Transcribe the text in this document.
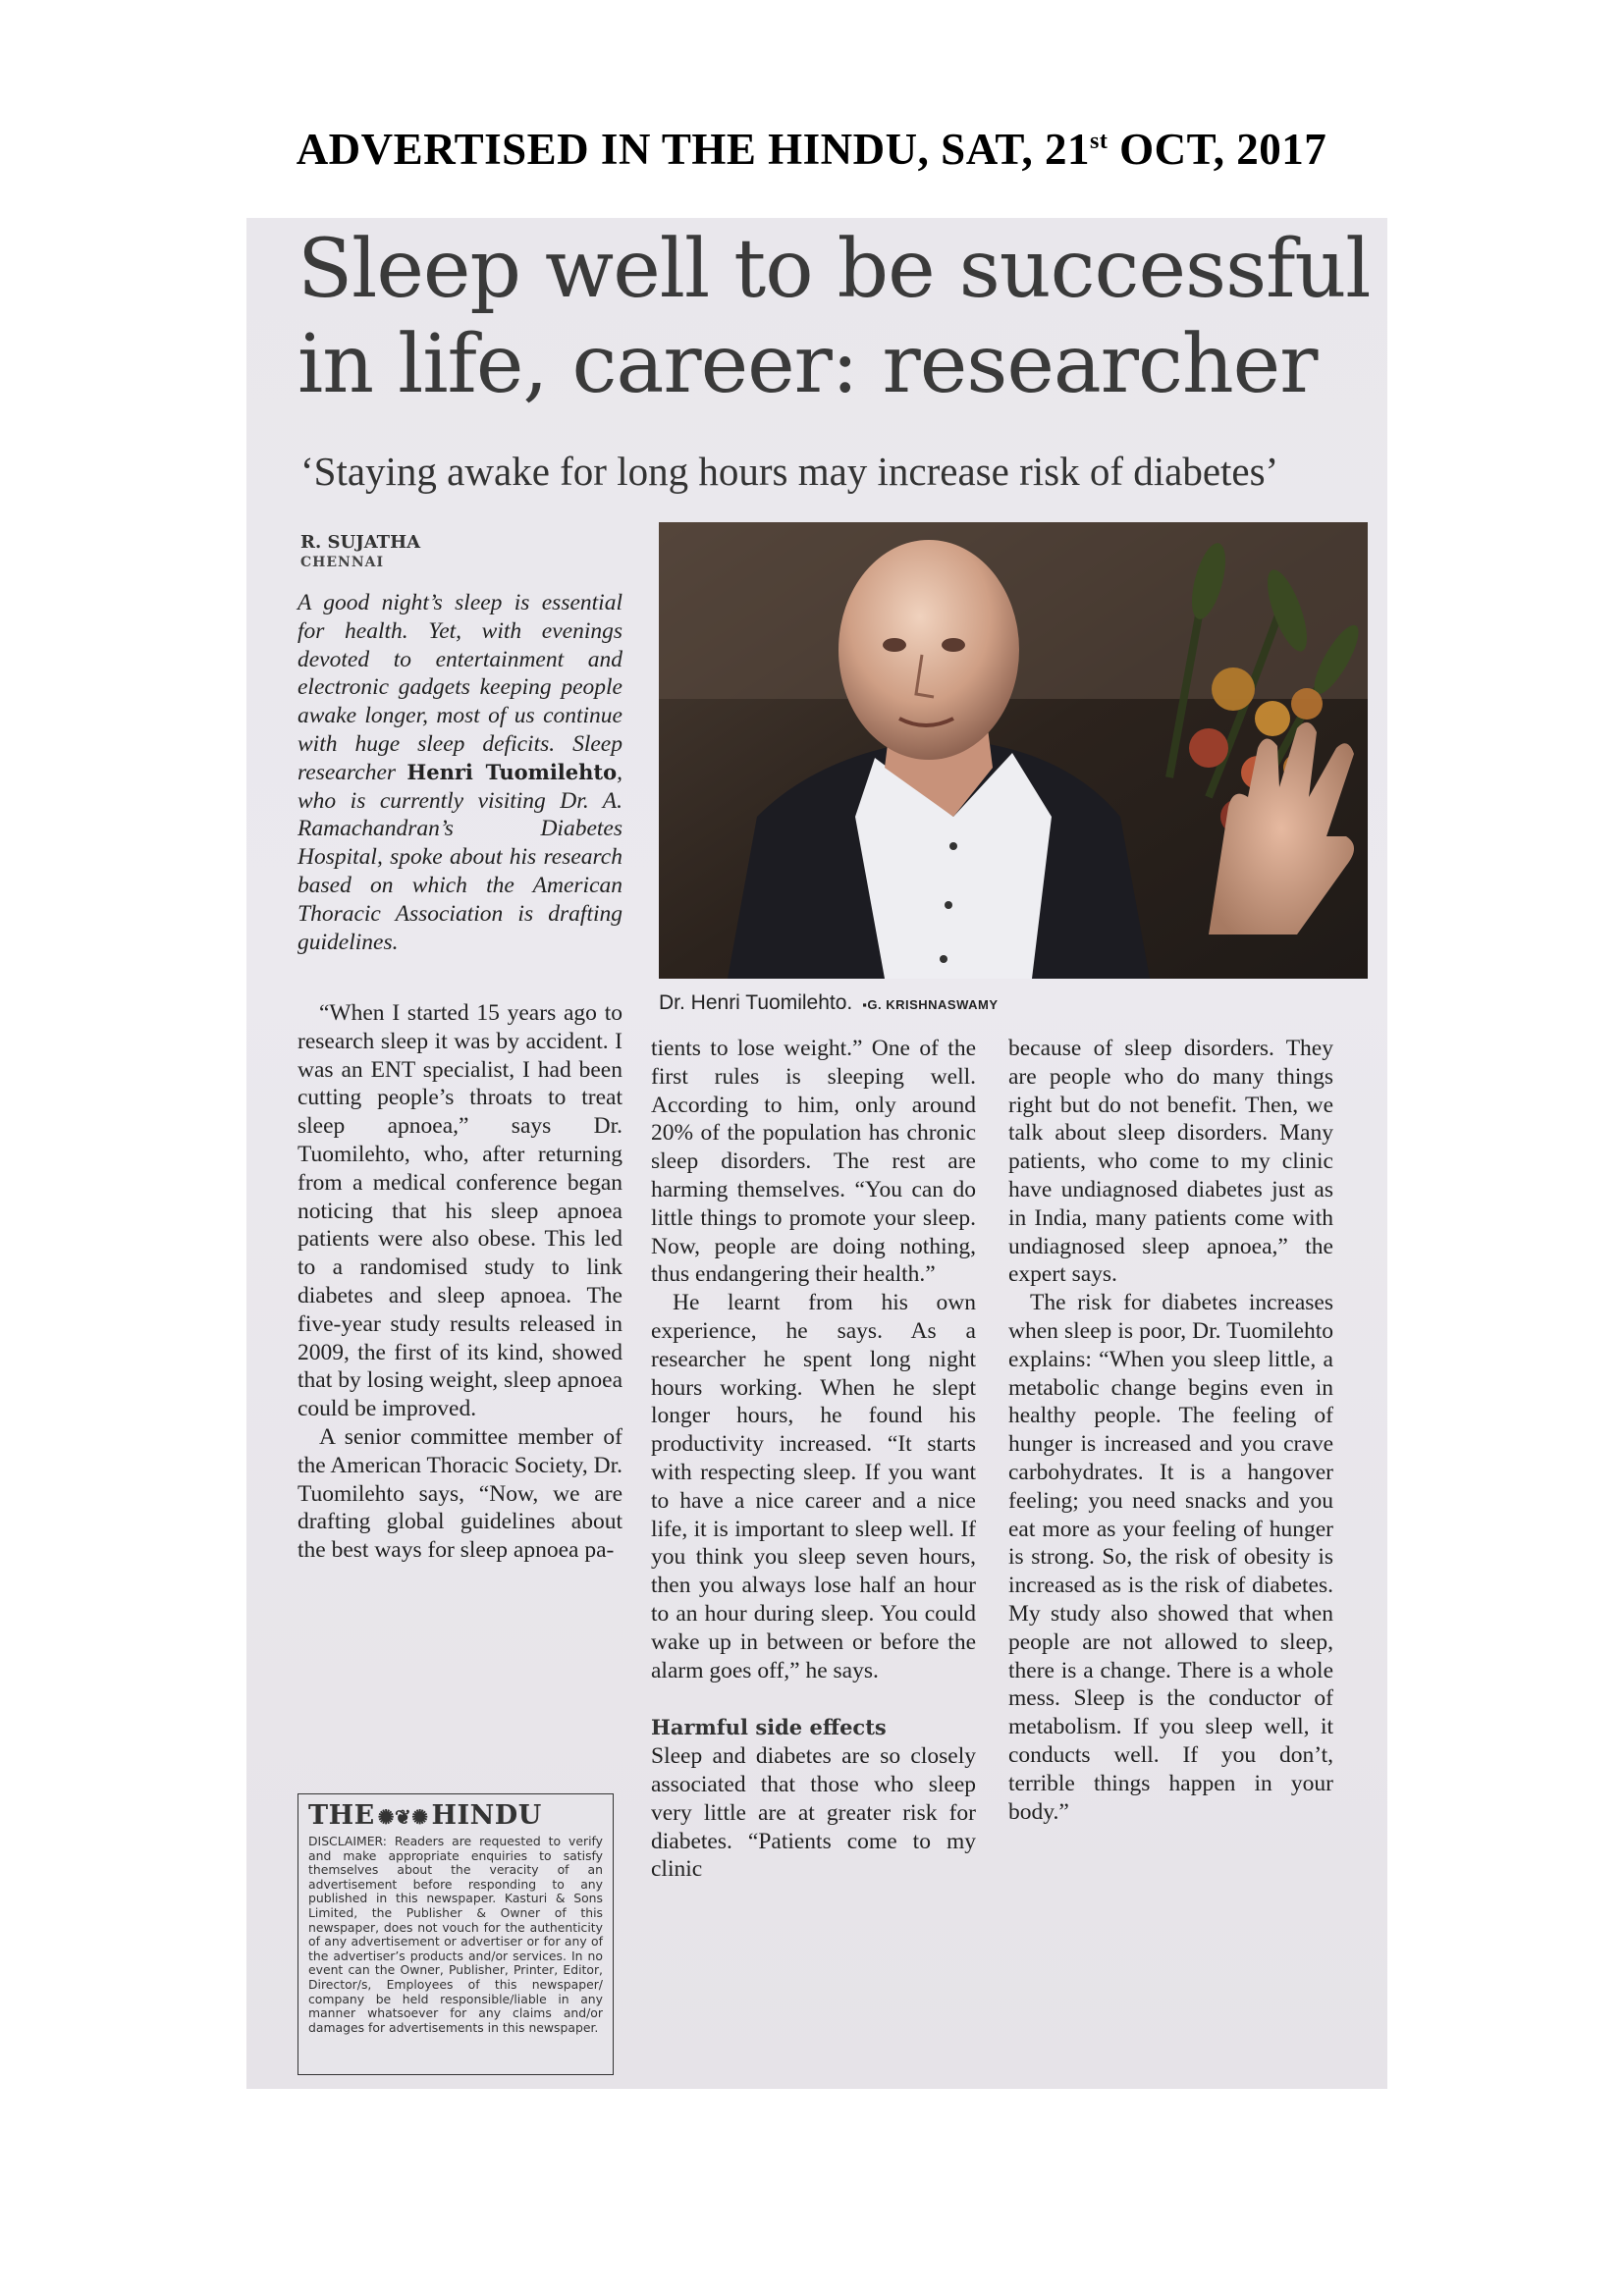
ADVERTISED IN THE HINDU, SAT, 21st OCT, 2017
Sleep well to be successful
in life, career: researcher
‘Staying awake for long hours may increase risk of diabetes’
R. SUJATHA
CHENNAI

A good night’s sleep is essential for health. Yet, with evenings devoted to entertainment and electronic gadgets keeping people awake longer, most of us continue with huge sleep deficits. Sleep researcher Henri Tuomilehto, who is currently visiting Dr. A. Ramachandran’s Diabetes Hospital, spoke about his research based on which the American Thoracic Association is drafting guidelines.

“When I started 15 years ago to research sleep it was by accident. I was an ENT specialist, I had been cutting people’s throats to treat sleep apnoea,” says Dr. Tuomilehto, who, after returning from a medical conference began noticing that his sleep apnoea patients were also obese. This led to a randomised study to link diabetes and sleep apnoea. The five-year study results released in 2009, the first of its kind, showed that by losing weight, sleep apnoea could be improved.

A senior committee member of the American Thoracic Society, Dr. Tuomilehto says, “Now, we are drafting global guidelines about the best ways for sleep apnoea pa-

Dr. Henri Tuomilehto. ▪G. KRISHNASWAMY

tients to lose weight.” One of the first rules is sleeping well. According to him, only around 20% of the population has chronic sleep disorders. The rest are harming themselves. “You can do little things to promote your sleep. Now, people are doing nothing, thus endangering their health.”

He learnt from his own experience, he says. As a researcher he spent long night hours working. When he slept longer hours, he found his productivity increased. “It starts with respecting sleep. If you want to have a nice career and a nice life, it is important to sleep well. If you think you sleep seven hours, then you always lose half an hour to an hour during sleep. You could wake up in between or before the alarm goes off,” he says.

Harmful side effects

Sleep and diabetes are so closely associated that those who sleep very little are at greater risk for diabetes. “Patients come to my clinic

because of sleep disorders. They are people who do many things right but do not benefit. Then, we talk about sleep disorders. Many patients, who come to my clinic have undiagnosed diabetes just as in India, many patients come with undiagnosed sleep apnoea,” the expert says.

The risk for diabetes increases when sleep is poor, Dr. Tuomilehto explains: “When you sleep little, a metabolic change begins even in healthy people. The feeling of hunger is increased and you crave carbohydrates. It is a hangover feeling; you need snacks and you eat more as your feeling of hunger is strong. So, the risk of obesity is increased as is the risk of diabetes. My study also showed that when people are not allowed to sleep, there is a change. There is a whole mess. Sleep is the conductor of metabolism. If you sleep well, it conducts well. If you don’t, terrible things happen in your body.”

THE ✺❦✺ HINDU
DISCLAIMER: Readers are requested to verify and make appropriate enquiries to satisfy themselves about the veracity of an advertisement before responding to any published in this newspaper. Kasturi & Sons Limited, the Publisher & Owner of this newspaper, does not vouch for the authenticity of any advertisement or advertiser or for any of the advertiser’s products and/or services. In no event can the Owner, Publisher, Printer, Editor, Director/s, Employees of this newspaper/ company be held responsible/liable in any manner whatsoever for any claims and/or damages for advertisements in this newspaper.
